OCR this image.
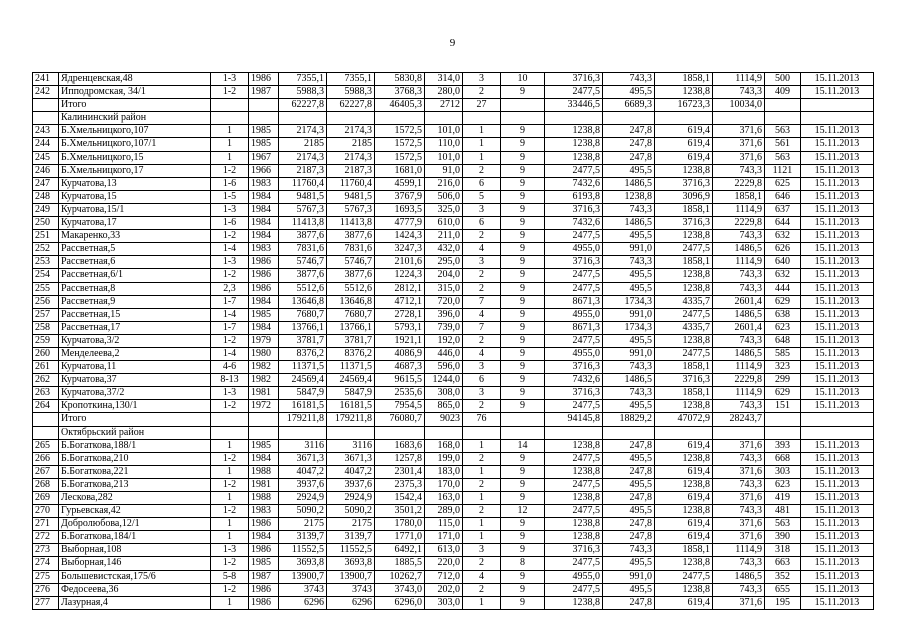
9
241	Ядренцевская,48	1-3	1986	7355,1	7355,1	5830,8	314,0	3	10	3716,3	743,3	1858,1	1114,9	500	15.11.2013
242	Ипподромская, 34/1	1-2	1987	5988,3	5988,3	3768,3	280,0	2	9	2477,5	495,5	1238,8	743,3	409	15.11.2013
	Итого			62227,8	62227,8	46405,3	2712	27		33446,5	6689,3	16723,3	10034,0		
	Калининский район														
243	Б.Хмельницкого,107	1	1985	2174,3	2174,3	1572,5	101,0	1	9	1238,8	247,8	619,4	371,6	563	15.11.2013
244	Б.Хмельницкого,107/1	1	1985	2185	2185	1572,5	110,0	1	9	1238,8	247,8	619,4	371,6	561	15.11.2013
245	Б.Хмельницкого,15	1	1967	2174,3	2174,3	1572,5	101,0	1	9	1238,8	247,8	619,4	371,6	563	15.11.2013
246	Б.Хмельницкого,17	1-2	1966	2187,3	2187,3	1681,0	91,0	2	9	2477,5	495,5	1238,8	743,3	1121	15.11.2013
247	Курчатова,13	1-6	1983	11760,4	11760,4	4599,1	216,0	6	9	7432,6	1486,5	3716,3	2229,8	625	15.11.2013
248	Курчатова,15	1-5	1984	9481,5	9481,5	3767,9	506,0	5	9	6193,8	1238,8	3096,9	1858,1	646	15.11.2013
249	Курчатова,15/1	1-3	1984	5767,3	5767,3	1693,5	325,0	3	9	3716,3	743,3	1858,1	1114,9	637	15.11.2013
250	Курчатова,17	1-6	1984	11413,8	11413,8	4777,9	610,0	6	9	7432,6	1486,5	3716,3	2229,8	644	15.11.2013
251	Макаренко,33	1-2	1984	3877,6	3877,6	1424,3	211,0	2	9	2477,5	495,5	1238,8	743,3	632	15.11.2013
252	Рассветная,5	1-4	1983	7831,6	7831,6	3247,3	432,0	4	9	4955,0	991,0	2477,5	1486,5	626	15.11.2013
253	Рассветная,6	1-3	1986	5746,7	5746,7	2101,6	295,0	3	9	3716,3	743,3	1858,1	1114,9	640	15.11.2013
254	Рассветная,6/1	1-2	1986	3877,6	3877,6	1224,3	204,0	2	9	2477,5	495,5	1238,8	743,3	632	15.11.2013
255	Рассветная,8	2,3	1986	5512,6	5512,6	2812,1	315,0	2	9	2477,5	495,5	1238,8	743,3	444	15.11.2013
256	Рассветная,9	1-7	1984	13646,8	13646,8	4712,1	720,0	7	9	8671,3	1734,3	4335,7	2601,4	629	15.11.2013
257	Рассветная,15	1-4	1985	7680,7	7680,7	2728,1	396,0	4	9	4955,0	991,0	2477,5	1486,5	638	15.11.2013
258	Рассветная,17	1-7	1984	13766,1	13766,1	5793,1	739,0	7	9	8671,3	1734,3	4335,7	2601,4	623	15.11.2013
259	Курчатова,3/2	1-2	1979	3781,7	3781,7	1921,1	192,0	2	9	2477,5	495,5	1238,8	743,3	648	15.11.2013
260	Менделеева,2	1-4	1980	8376,2	8376,2	4086,9	446,0	4	9	4955,0	991,0	2477,5	1486,5	585	15.11.2013
261	Курчатова,11	4-6	1982	11371,5	11371,5	4687,3	596,0	3	9	3716,3	743,3	1858,1	1114,9	323	15.11.2013
262	Курчатова,37	8-13	1982	24569,4	24569,4	9615,5	1244,0	6	9	7432,6	1486,5	3716,3	2229,8	299	15.11.2013
263	Курчатова,37/2	1-3	1981	5847,9	5847,9	2535,6	308,0	3	9	3716,3	743,3	1858,1	1114,9	629	15.11.2013
264	Кропоткина,130/1	1-2	1972	16181,5	16181,5	7954,5	865,0	2	9	2477,5	495,5	1238,8	743,3	151	15.11.2013
	Итого			179211,8	179211,8	76080,7	9023	76		94145,8	18829,2	47072,9	28243,7		
	Октябрьский район														
265	Б.Богаткова,188/1	1	1985	3116	3116	1683,6	168,0	1	14	1238,8	247,8	619,4	371,6	393	15.11.2013
266	Б.Богаткова,210	1-2	1984	3671,3	3671,3	1257,8	199,0	2	9	2477,5	495,5	1238,8	743,3	668	15.11.2013
267	Б.Богаткова,221	1	1988	4047,2	4047,2	2301,4	183,0	1	9	1238,8	247,8	619,4	371,6	303	15.11.2013
268	Б.Богаткова,213	1-2	1981	3937,6	3937,6	2375,3	170,0	2	9	2477,5	495,5	1238,8	743,3	623	15.11.2013
269	Лескова,282	1	1988	2924,9	2924,9	1542,4	163,0	1	9	1238,8	247,8	619,4	371,6	419	15.11.2013
270	Гурьевская,42	1-2	1983	5090,2	5090,2	3501,2	289,0	2	12	2477,5	495,5	1238,8	743,3	481	15.11.2013
271	Добролюбова,12/1	1	1986	2175	2175	1780,0	115,0	1	9	1238,8	247,8	619,4	371,6	563	15.11.2013
272	Б.Богаткова,184/1	1	1984	3139,7	3139,7	1771,0	171,0	1	9	1238,8	247,8	619,4	371,6	390	15.11.2013
273	Выборная,108	1-3	1986	11552,5	11552,5	6492,1	613,0	3	9	3716,3	743,3	1858,1	1114,9	318	15.11.2013
274	Выборная,146	1-2	1985	3693,8	3693,8	1885,5	220,0	2	8	2477,5	495,5	1238,8	743,3	663	15.11.2013
275	Большевистская,175/6	5-8	1987	13900,7	13900,7	10262,7	712,0	4	9	4955,0	991,0	2477,5	1486,5	352	15.11.2013
276	Федосеева,36	1-2	1986	3743	3743	3743,0	202,0	2	9	2477,5	495,5	1238,8	743,3	655	15.11.2013
277	Лазурная,4	1	1986	6296	6296	6296,0	303,0	1	9	1238,8	247,8	619,4	371,6	195	15.11.2013
